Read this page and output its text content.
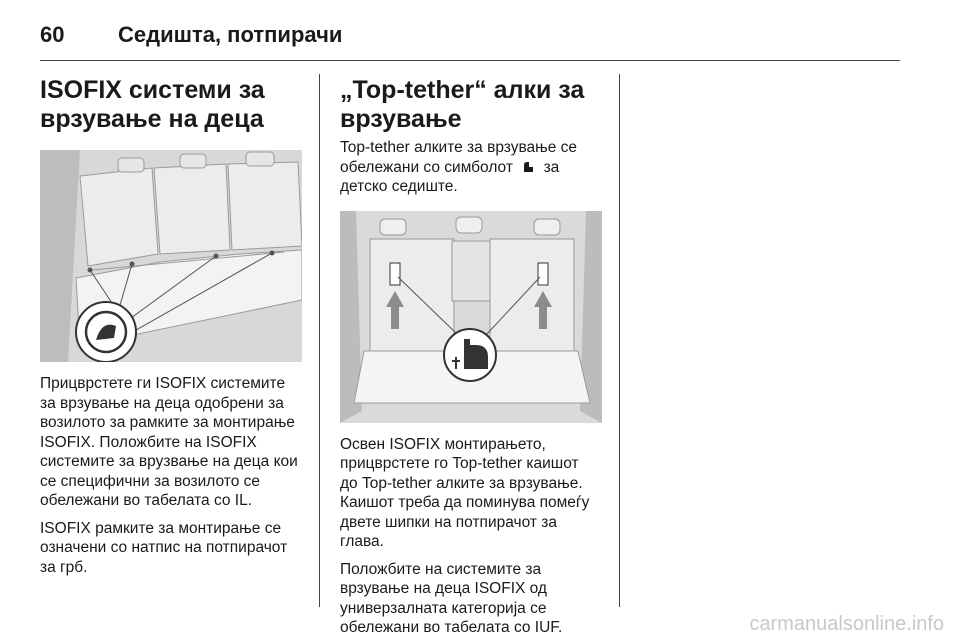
60 Седишта, потпирачи
ISOFIX системи за
врзување на деца

Прицврстете ги ISOFIX системите

за врзување на деца одобрени за

возилото за рамките за монтирање

ISOFIX. Положбите на ISOFIX

системите за врузвање на деца кои

се специфични за возилото се

обележани во табелата со IL.

ISOFIX рамките за монтирање се

означени со натпис на потпирачот

за грб.

„Top-tether“ алки за
врзување

Top-tether алките за врзување се

обележани со симболот за

детско седиште.

Освен ISOFIX монтирањето,

прицврстете го Top-tether каишот

до Top-tether алките за врзување.

Каишот треба да поминува помеѓу

двете шипки на потпирачот за

глава.

Положбите на системите за

врзување на деца ISOFIX од

универзалната категорија се

обележани во табелата со IUF.	carmanualsonline.info
